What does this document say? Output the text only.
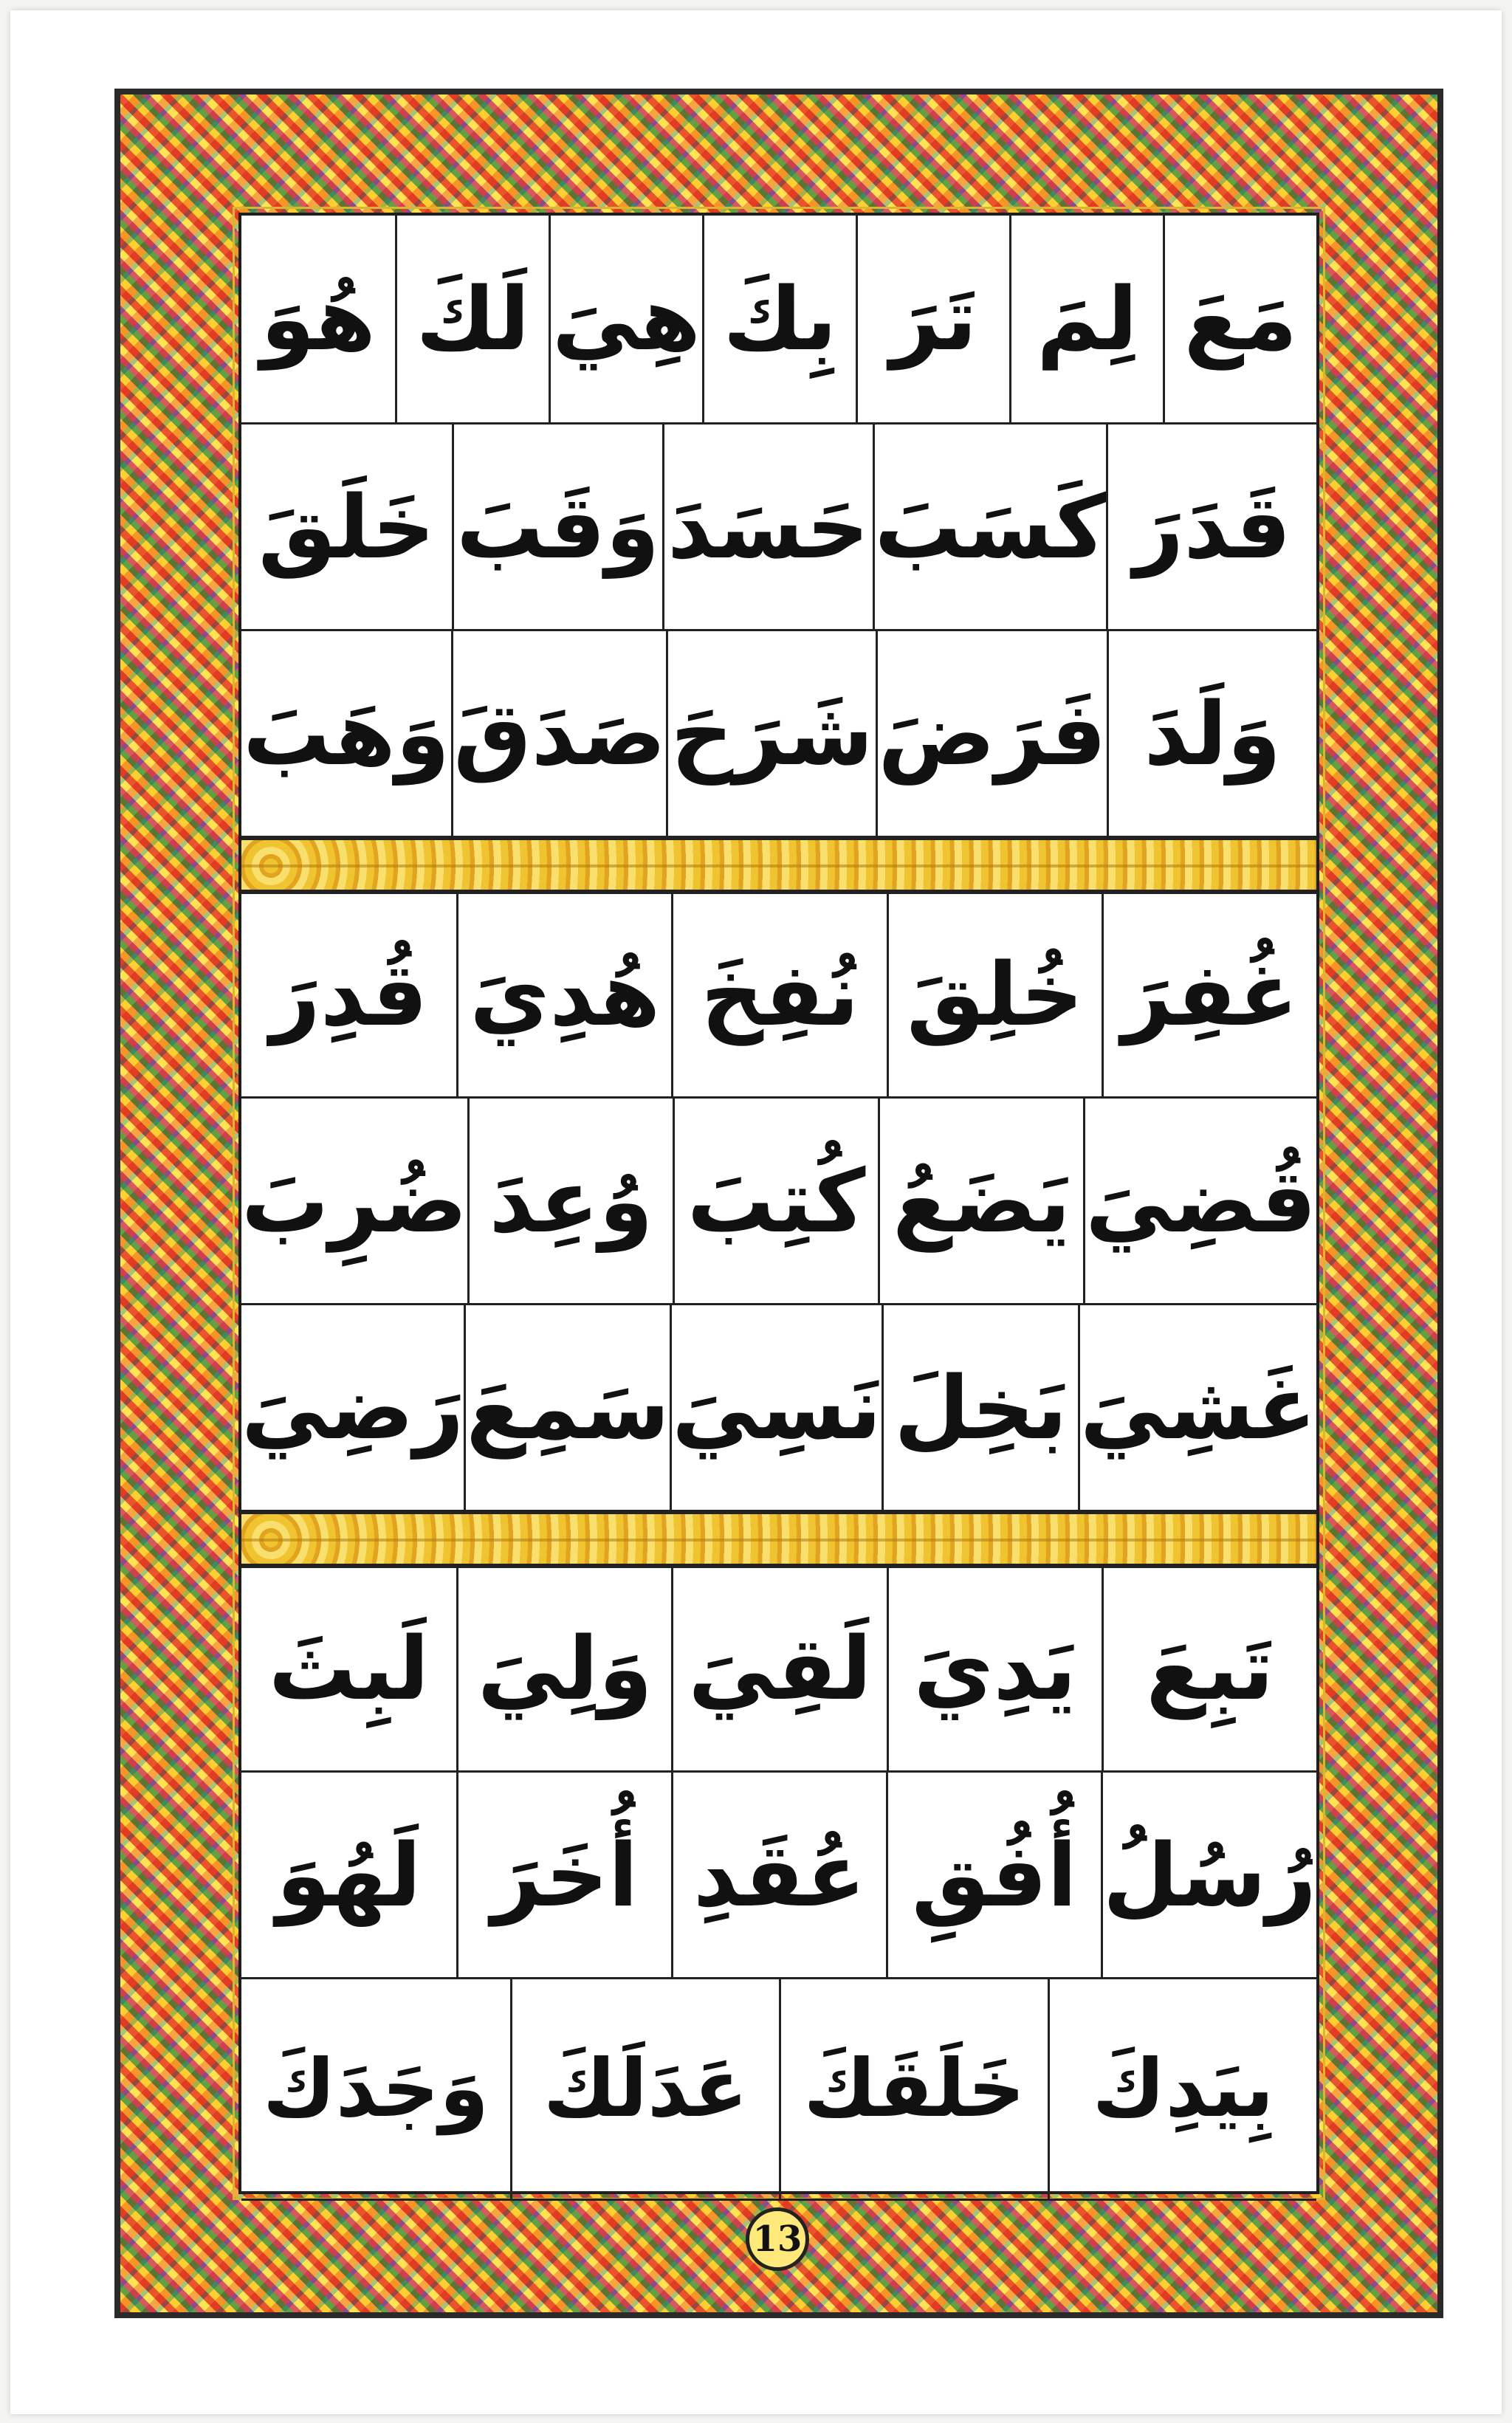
هُوَ لَكَ هِيَ بِكَ تَرَ لِمَ مَعَ
خَلَقَ وَقَبَ حَسَدَ كَسَبَ قَدَرَ
وَهَبَ صَدَقَ شَرَحَ فَرَضَ وَلَدَ
قُدِرَ هُدِيَ نُفِخَ خُلِقَ غُفِرَ
ضُرِبَ وُعِدَ كُتِبَ يَضَعُ قُضِيَ
رَضِيَ سَمِعَ نَسِيَ بَخِلَ غَشِيَ
لَبِثَ وَلِيَ لَقِيَ يَدِيَ تَبِعَ
لَهُوَ أُخَرَ عُقَدِ أُفُقِ رُسُلُ
وَجَدَكَ عَدَلَكَ خَلَقَكَ بِيَدِكَ
13
